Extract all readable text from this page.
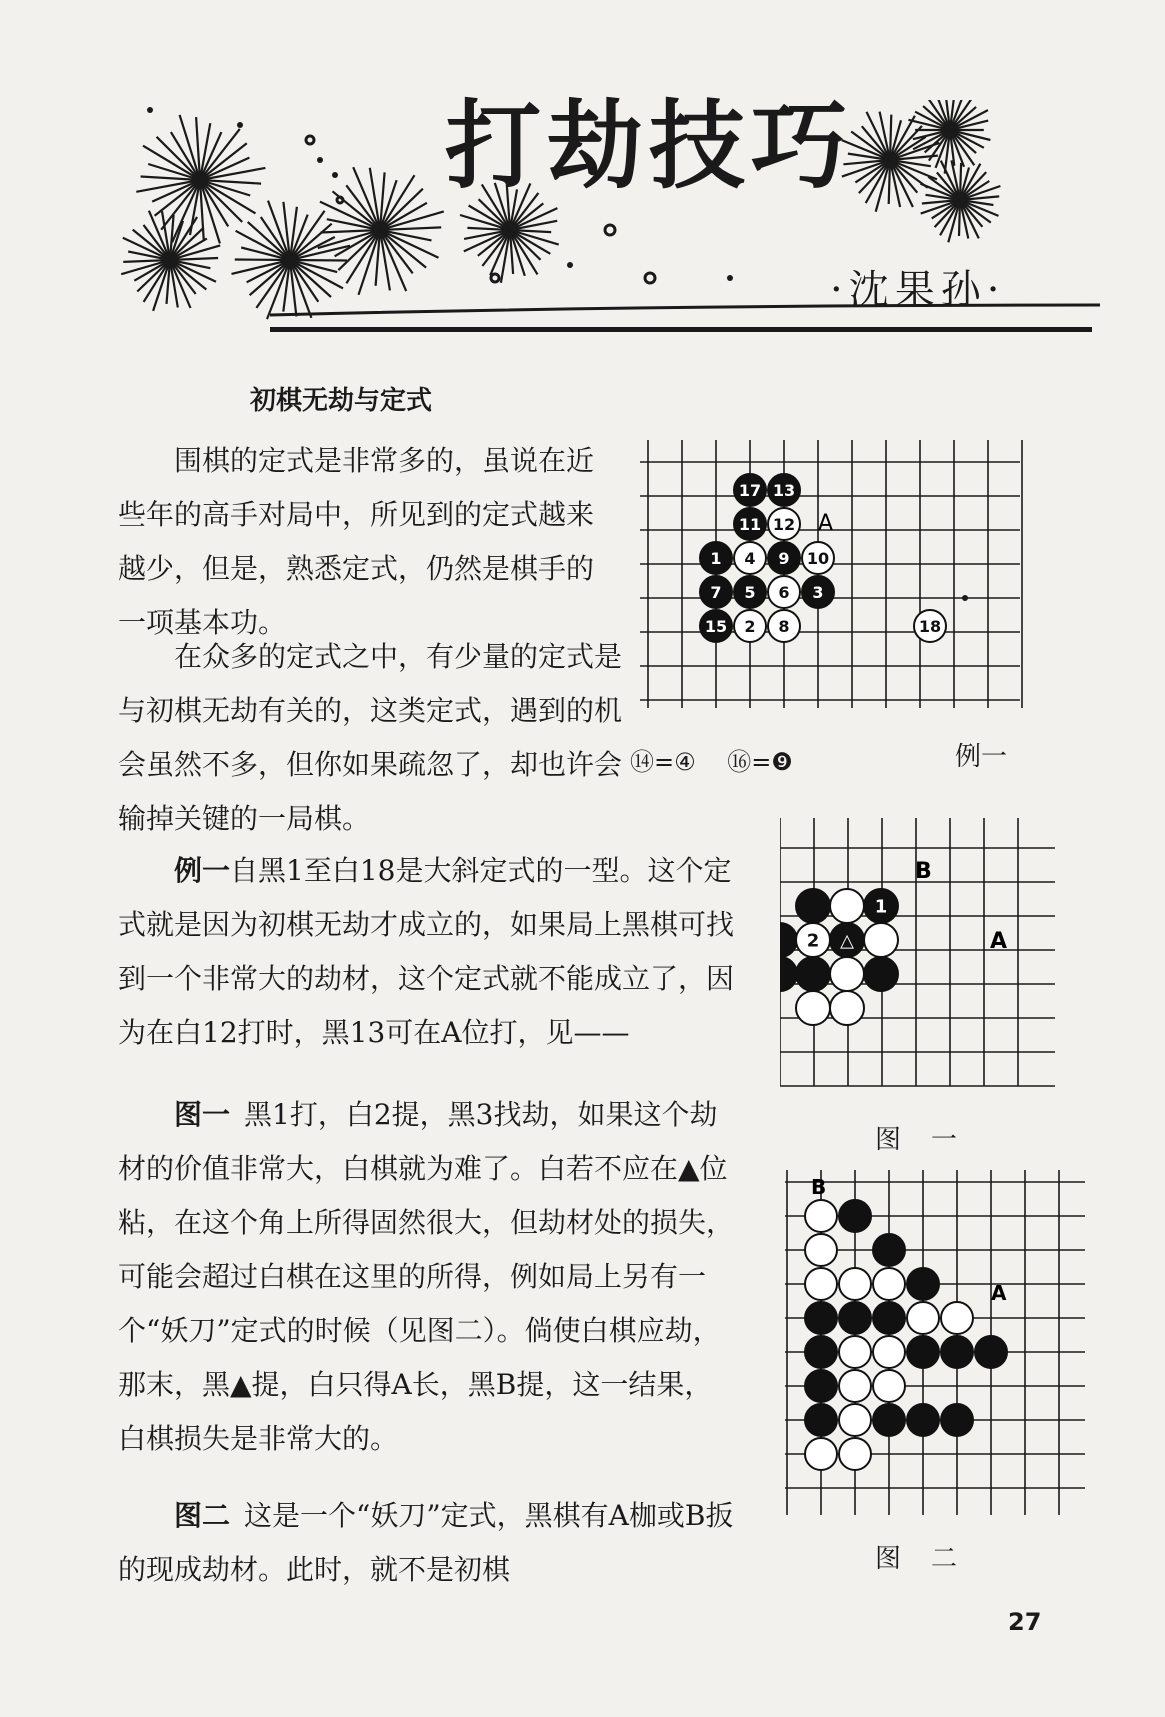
打劫技巧
·沈果孙·
初棋无劫与定式
  围棋的定式是非常多的，虽说在近些年的高手对局中，所见到的定式越来越少，但是，熟悉定式，仍然是棋手的一项基本功。
  在众多的定式之中，有少量的定式是与初棋无劫有关的，这类定式，遇到的机会虽然不多，但你如果疏忽了，却也许会输掉关键的一局棋。
  例一自黑1至白18是大斜定式的一型。这个定式就是因为初棋无劫才成立的，如果局上黑棋可找到一个非常大的劫材，这个定式就不能成立了，因为在白12打时，黑13可在A位打，见——
  图一  黑1打，白2提，黑3找劫，如果这个劫材的价值非常大，白棋就为难了。白若不应在▲位粘，在这个角上所得固然很大，但劫材处的损失，可能会超过白棋在这里的所得，例如局上另有一个“妖刀”定式的时候（见图二）。倘使白棋应劫，那末，黑▲提，白只得A长，黑B提，这一结果，白棋损失是非常大的。
  图二  这是一个“妖刀”定式，黑棋有A枷或B扳的现成劫材。此时，就不是初棋
A
17 13
11 12
1 4 9 10
7 5 6 3
15 2 8	18
⑭=④  ⑯=❾	例一
B
A
1
2 △
图一
B
A
图二
27
